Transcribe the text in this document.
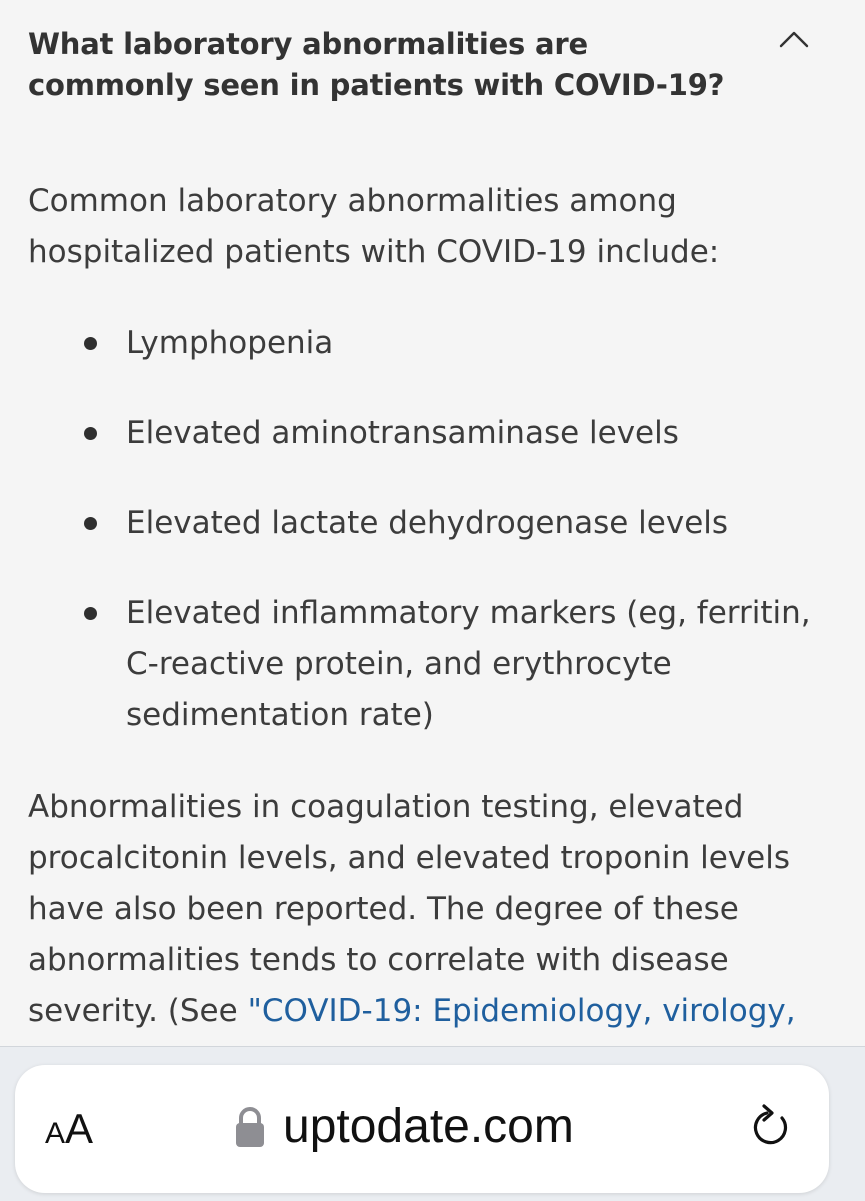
What laboratory abnormalities are commonly seen in patients with COVID-19?

Common laboratory abnormalities among hospitalized patients with COVID-19 include:

Lymphopenia
Elevated aminotransaminase levels
Elevated lactate dehydrogenase levels
Elevated inflammatory markers (eg, ferritin, C-reactive protein, and erythrocyte sedimentation rate)

Abnormalities in coagulation testing, elevated procalcitonin levels, and elevated troponin levels have also been reported. The degree of these abnormalities tends to correlate with disease severity. (See "COVID-19: Epidemiology, virology,

AA	uptodate.com
